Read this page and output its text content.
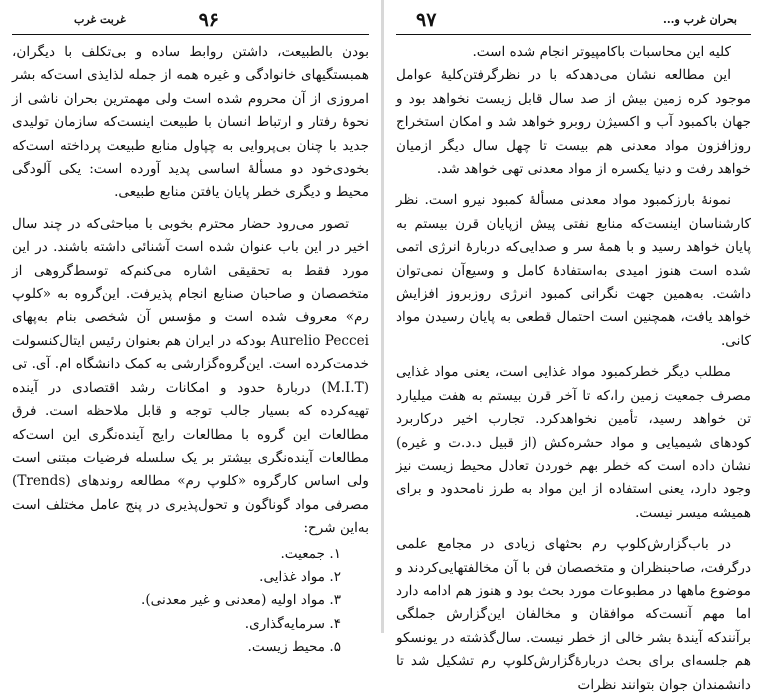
غربت غرب	۹۶

بودن بالطبیعت، داشتن روابط ساده و بی‌تکلف با دیگران، همبستگیهای خانوادگی و غیره همه از جمله لذایذی است‌که بشر امروزی از آن محروم شده است ولی مهمترین بحران ناشی از نحوهٔ رفتار و ارتباط انسان با طبیعت اینست‌که سازمان تولیدی جدید با چنان بی‌پروایی به چپاول منابع طبیعت پرداخته است‌که بخودی‌خود دو مسألهٔ اساسی پدید آورده است: یکی آلودگی محیط و دیگری خطر پایان یافتن منابع طبیعی.

تصور می‌رود حضار محترم بخوبی با مباحثی‌که در چند سال اخیر در این باب عنوان شده است آشنائی داشته باشند. در این مورد فقط به تحقیقی اشاره می‌کنم‌که توسط‌گروهی از متخصصان و صاحبان صنایع انجام پذیرفت. این‌گروه به «کلوپ رم» معروف شده است و مؤسس آن شخصی بنام به‌پهای Aurelio Peccei بودکه در ایران هم بعنوان رئیس ایتال‌کنسولت خدمت‌کرده است. این‌گروه‌گزارشی به کمک دانشگاه ام. آی. تی (M.I.T) دربارهٔ حدود و امکانات رشد اقتصادی در آینده تهیه‌کرده که بسیار جالب توجه و قابل ملاحظه است. فرق مطالعات این گروه با مطالعات رایج آینده‌نگری این است‌که مطالعات آینده‌نگری بیشتر بر یک سلسله فرضیات مبتنی است ولی اساس کارگروه «کلوپ رم» مطالعه روندهای (Trends) مصرفی مواد گوناگون و تحول‌پذیری در پنج عامل مختلف است به‌این شرح:

۱. جمعیت.
۲. مواد غذایی.
۳. مواد اولیه (معدنی و غیر معدنی).
۴. سرمایه‌گذاری.
۵. محیط زیست.
۹۷	بحران غرب و...

کلیه این محاسبات باکامپیوتر انجام شده است.

این مطالعه نشان می‌دهدکه با در نظرگرفتن‌کلیهٔ عوامل موجود کره زمین بیش از صد سال قابل زیست نخواهد بود و جهان باکمبود آب و اکسیژن روبرو خواهد شد و امکان استخراج روزافزون مواد معدنی هم بیست تا چهل سال دیگر ازمیان خواهد رفت و دنیا یکسره از مواد معدنی تهی خواهد شد.

نمونهٔ بارزکمبود مواد معدنی مسألهٔ کمبود نیرو است. نظر کارشناسان اینست‌که منابع نفتی پیش ازپایان قرن بیستم به پایان خواهد رسید و با همهٔ سر و صدایی‌که دربارهٔ انرژی اتمی شده است هنوز امیدی به‌استفادهٔ کامل و وسیع‌آن نمی‌توان داشت. به‌همین جهت نگرانی کمبود انرژی روزبروز افزایش خواهد یافت، همچنین است احتمال قطعی به پایان رسیدن مواد کانی.

مطلب دیگر خطرکمبود مواد غذایی است، یعنی مواد غذایی مصرف جمعیت زمین را،که تا آخر قرن بیستم به هفت میلیارد تن خواهد رسید، تأمین نخواهدکرد. تجارب اخیر درکاربرد کودهای شیمیایی و مواد حشره‌کش (از قبیل د.د.ت و غیره) نشان داده است که خطر بهم خوردن تعادل محیط زیست نیز وجود دارد، یعنی استفاده از این مواد به طرز نامحدود و برای همیشه میسر نیست.

در باب‌گزارش‌کلوپ رم بحثهای زیادی در مجامع علمی درگرفت، صاحبنظران و متخصصان فن با آن مخالفتهایی‌کردند و موضوع ماهها در مطبوعات مورد بحث بود و هنوز هم ادامه دارد اما مهم آنست‌که موافقان و مخالفان این‌گزارش جملگی برآنندکه آیندهٔ بشر خالی از خطر نیست. سال‌گذشته در یونسکو هم جلسه‌ای برای بحث دربارهٔ‌گزارش‌کلوپ رم تشکیل شد تا دانشمندان جوان بتوانند نظرات
